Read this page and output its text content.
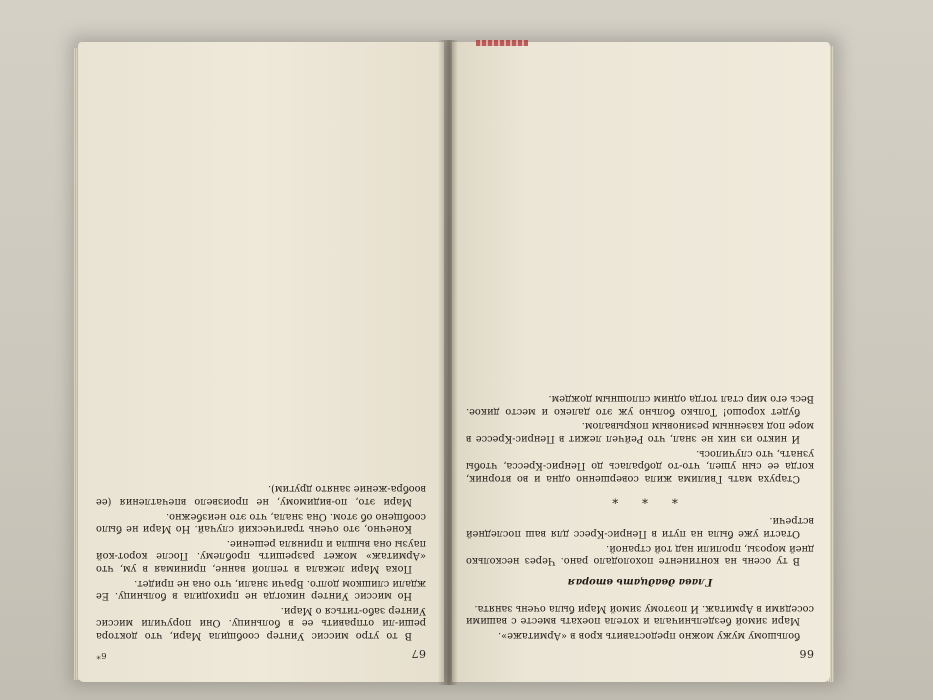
67
6*

В то утро миссис Уинтер сообщила Мари, что доктора реши-ли отправить ее в больницу. Они поручили миссис Уинтер забо-титься о Мари.

Но миссис Уинтер никогда не приходила в больницу. Ее ждали слишком долго. Врачи знали, что она не придет.

Пока Мари лежала в теплой ванне, принимая в ум, что «Армитаж» может разрешить проблему. После корот-кой паузы она вышла и приняла решение.

Конечно, это очень трагический случай. Но Мари не было сообщено об этом. Она знала, что это неизбежно.

Мари это, по-видимому, не произвело впечатления (ее вообра-жение занято другим).

66

большому мужу можно предоставить кров в «Армитаже».

Мари зимой бездельничала и хотела поехать вместе с вашими соседями в Армитаж. И поэтому зимой Мари была очень занята.

Глава двадцать вторая

В ту осень на континенте похолодало рано. Через несколько дней морозы, пролили над той страной.

Отасти уже была на пути в Пенрис-Кресс для ваш последней встречи.

* * *

Старуха мать Гвилима жила совершенно одна и во вторник, когда ее сын ушел, что-то добралась до Пенрис-Кресса, чтобы узнать, что случилось.

И никто из них не знал, что Рейчел лежит в Пенрис-Крессе в море под казенным резиновым покрывалом.

будет хорошо! Только больно уж это далеко и место дикое. Весь его мир стал тогда одним сплошным дождем.
